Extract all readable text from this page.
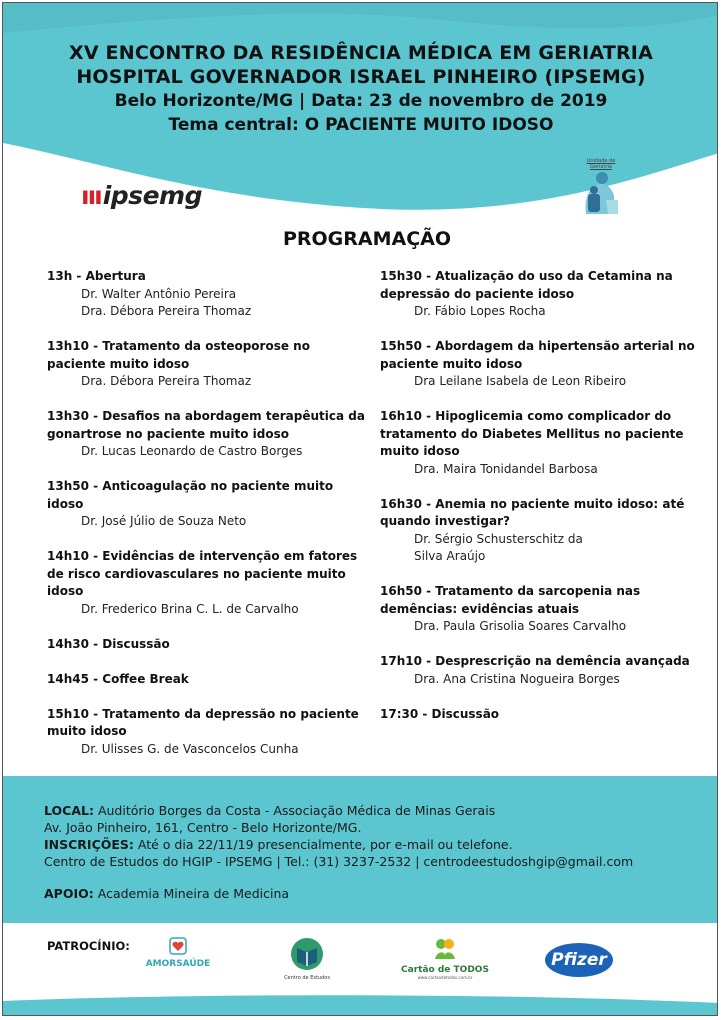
XV ENCONTRO DA RESIDÊNCIA MÉDICA EM GERIATRIA
HOSPITAL GOVERNADOR ISRAEL PINHEIRO (IPSEMG)
Belo Horizonte/MG | Data: 23 de novembro de 2019
Tema central: O PACIENTE MUITO IDOSO
ıııipsemg
Unidade de Geriatria
PROGRAMAÇÃO
13h - Abertura
Dr. Walter Antônio Pereira
Dra. Débora Pereira Thomaz
13h10 - Tratamento da osteoporose no paciente muito idoso
Dra. Débora Pereira Thomaz
13h30 - Desafios na abordagem terapêutica da gonartrose no paciente muito idoso
Dr. Lucas Leonardo de Castro Borges
13h50 - Anticoagulação no paciente muito idoso
Dr. José Júlio de Souza Neto
14h10 - Evidências de intervenção em fatores de risco cardiovasculares no paciente muito idoso
Dr. Frederico Brina C. L. de Carvalho
14h30 - Discussão
14h45 - Coffee Break
15h10 - Tratamento da depressão no paciente muito idoso
Dr. Ulisses G. de Vasconcelos Cunha
15h30 - Atualização do uso da Cetamina na depressão do paciente idoso
Dr. Fábio Lopes Rocha
15h50 - Abordagem da hipertensão arterial no paciente muito idoso
Dra Leilane Isabela de Leon Ribeiro
16h10 - Hipoglicemia como complicador do tratamento do Diabetes Mellitus no paciente muito idoso
Dra. Maira Tonidandel Barbosa
16h30 - Anemia no paciente muito idoso: até quando investigar?
Dr. Sérgio Schusterschitz da
Silva Araújo
16h50 - Tratamento da sarcopenia nas demências: evidências atuais
Dra. Paula Grisolia Soares Carvalho
17h10 - Desprescrição na demência avançada
Dra. Ana Cristina Nogueira Borges
17:30 - Discussão
LOCAL: Auditório Borges da Costa - Associação Médica de Minas Gerais
Av. João Pinheiro, 161, Centro - Belo Horizonte/MG.
INSCRIÇÕES: Até o dia 22/11/19 presencialmente, por e-mail ou telefone.
Centro de Estudos do HGIP - IPSEMG | Tel.: (31) 3237-2532 | centrodeestudoshgip@gmail.com
APOIO: Academia Mineira de Medicina
PATROCÍNIO:
AMORSAÚDE
Centro de Estudos
Cartão de TODOS
www.cartaodetodos.com.br
Pfizer
